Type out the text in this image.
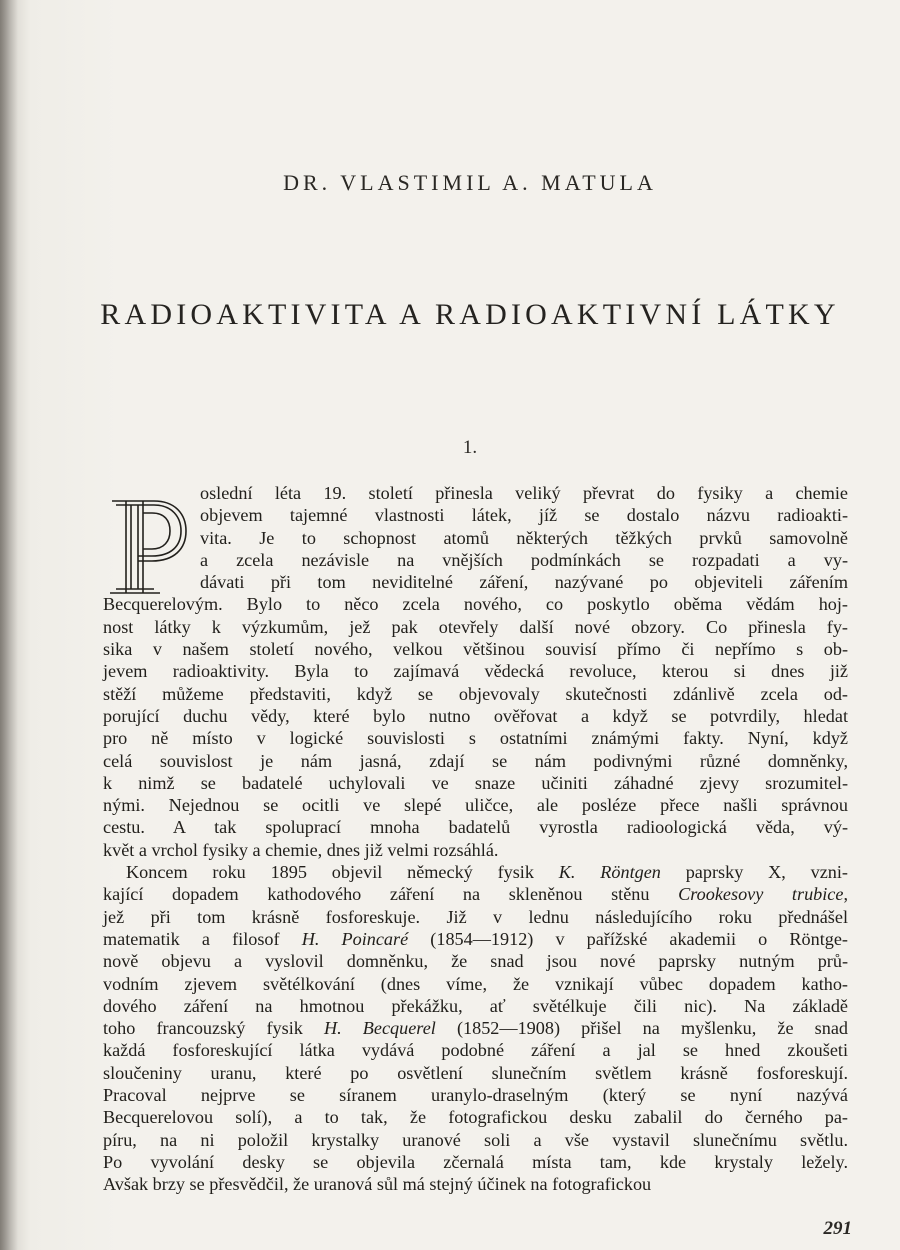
DR. VLASTIMIL A. MATULA
RADIOAKTIVITA A RADIOAKTIVNÍ LÁTKY
1.
oslední léta 19. století přinesla veliký převrat do fysiky a chemie
objevem tajemné vlastnosti látek, jíž se dostalo názvu radioakti-
vita. Je to schopnost atomů některých těžkých prvků samovolně
a zcela nezávisle na vnějších podmínkách se rozpadati a vy-
dávati při tom neviditelné záření, nazývané po objeviteli zářením
Becquerelovým. Bylo to něco zcela nového, co poskytlo oběma vědám hoj-
nost látky k výzkumům, jež pak otevřely další nové obzory. Co přinesla fy-
sika v našem století nového, velkou většinou souvisí přímo či nepřímo s ob-
jevem radioaktivity. Byla to zajímavá vědecká revoluce, kterou si dnes již
stěží můžeme představiti, když se objevovaly skutečnosti zdánlivě zcela od-
porující duchu vědy, které bylo nutno ověřovat a když se potvrdily, hledat
pro ně místo v logické souvislosti s ostatními známými fakty. Nyní, když
celá souvislost je nám jasná, zdají se nám podivnými různé domněnky,
k nimž se badatelé uchylovali ve snaze učiniti záhadné zjevy srozumitel-
nými. Nejednou se ocitli ve slepé uličce, ale posléze přece našli správnou
cestu. A tak spoluprací mnoha badatelů vyrostla radioologická věda, vý-
květ a vrchol fysiky a chemie, dnes již velmi rozsáhlá.
Koncem roku 1895 objevil německý fysik K. Röntgen paprsky X, vzni-
kající dopadem kathodového záření na skleněnou stěnu Crookesovy trubice,
jež při tom krásně fosforeskuje. Již v lednu následujícího roku přednášel
matematik a filosof H. Poincaré (1854—1912) v pařížské akademii o Röntge-
nově objevu a vyslovil domněnku, že snad jsou nové paprsky nutným prů-
vodním zjevem světélkování (dnes víme, že vznikají vůbec dopadem katho-
dového záření na hmotnou překážku, ať světélkuje čili nic). Na základě
toho francouzský fysik H. Becquerel (1852—1908) přišel na myšlenku, že snad
každá fosforeskující látka vydává podobné záření a jal se hned zkoušeti
sloučeniny uranu, které po osvětlení slunečním světlem krásně fosforeskují.
Pracoval nejprve se síranem uranylo-draselným (který se nyní nazývá
Becquerelovou solí), a to tak, že fotografickou desku zabalil do černého pa-
píru, na ni položil krystalky uranové soli a vše vystavil slunečnímu světlu.
Po vyvolání desky se objevila zčernalá místa tam, kde krystaly ležely.
Avšak brzy se přesvědčil, že uranová sůl má stejný účinek na fotografickou
291
